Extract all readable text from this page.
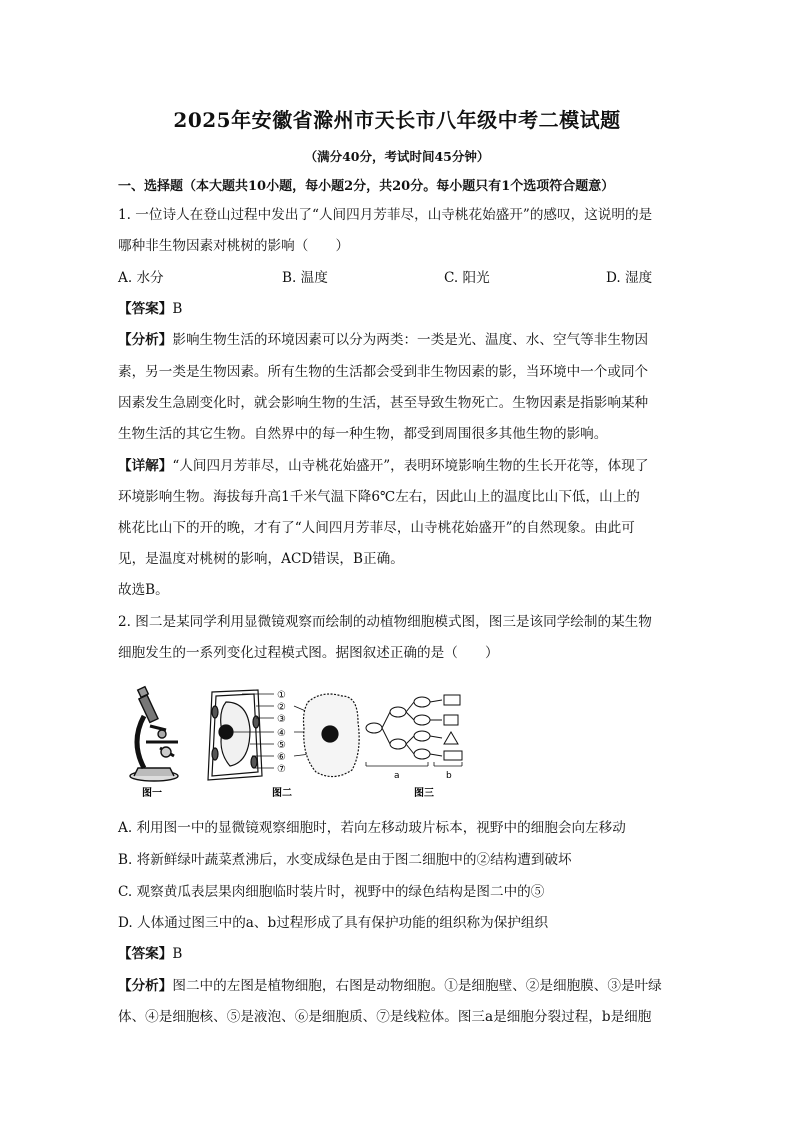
2025年安徽省滁州市天长市八年级中考二模试题
（满分40分，考试时间45分钟）
一、选择题（本大题共10小题，每小题2分，共20分。每小题只有1个选项符合题意）
1. 一位诗人在登山过程中发出了“人间四月芳菲尽，山寺桃花始盛开”的感叹，这说明的是
哪种非生物因素对桃树的影响（　　）
A. 水分	B. 温度	C. 阳光	D. 湿度
【答案】B
【分析】影响生物生活的环境因素可以分为两类：一类是光、温度、水、空气等非生物因
素，另一类是生物因素。所有生物的生活都会受到非生物因素的影，当环境中一个或同个
因素发生急剧变化时，就会影响生物的生活，甚至导致生物死亡。生物因素是指影响某种
生物生活的其它生物。自然界中的每一种生物，都受到周围很多其他生物的影响。
【详解】“人间四月芳菲尽，山寺桃花始盛开”，表明环境影响生物的生长开花等，体现了
环境影响生物。海拔每升高1千米气温下降6℃左右，因此山上的温度比山下低，山上的
桃花比山下的开的晚，才有了“人间四月芳菲尽，山寺桃花始盛开”的自然现象。由此可
见，是温度对桃树的影响，ACD错误，B正确。
故选B。
2. 图二是某同学利用显微镜观察而绘制的动植物细胞模式图，图三是该同学绘制的某生物
细胞发生的一系列变化过程模式图。据图叙述正确的是（　　）
图一
①
②
③
④
⑤
⑥
⑦
图二
a	b
图三
A. 利用图一中的显微镜观察细胞时，若向左移动玻片标本，视野中的细胞会向左移动
B. 将新鲜绿叶蔬菜煮沸后，水变成绿色是由于图二细胞中的②结构遭到破坏
C. 观察黄瓜表层果肉细胞临时装片时，视野中的绿色结构是图二中的⑤
D. 人体通过图三中的a、b过程形成了具有保护功能的组织称为保护组织
【答案】B
【分析】图二中的左图是植物细胞，右图是动物细胞。①是细胞壁、②是细胞膜、③是叶绿
体、④是细胞核、⑤是液泡、⑥是细胞质、⑦是线粒体。图三a是细胞分裂过程，b是细胞
